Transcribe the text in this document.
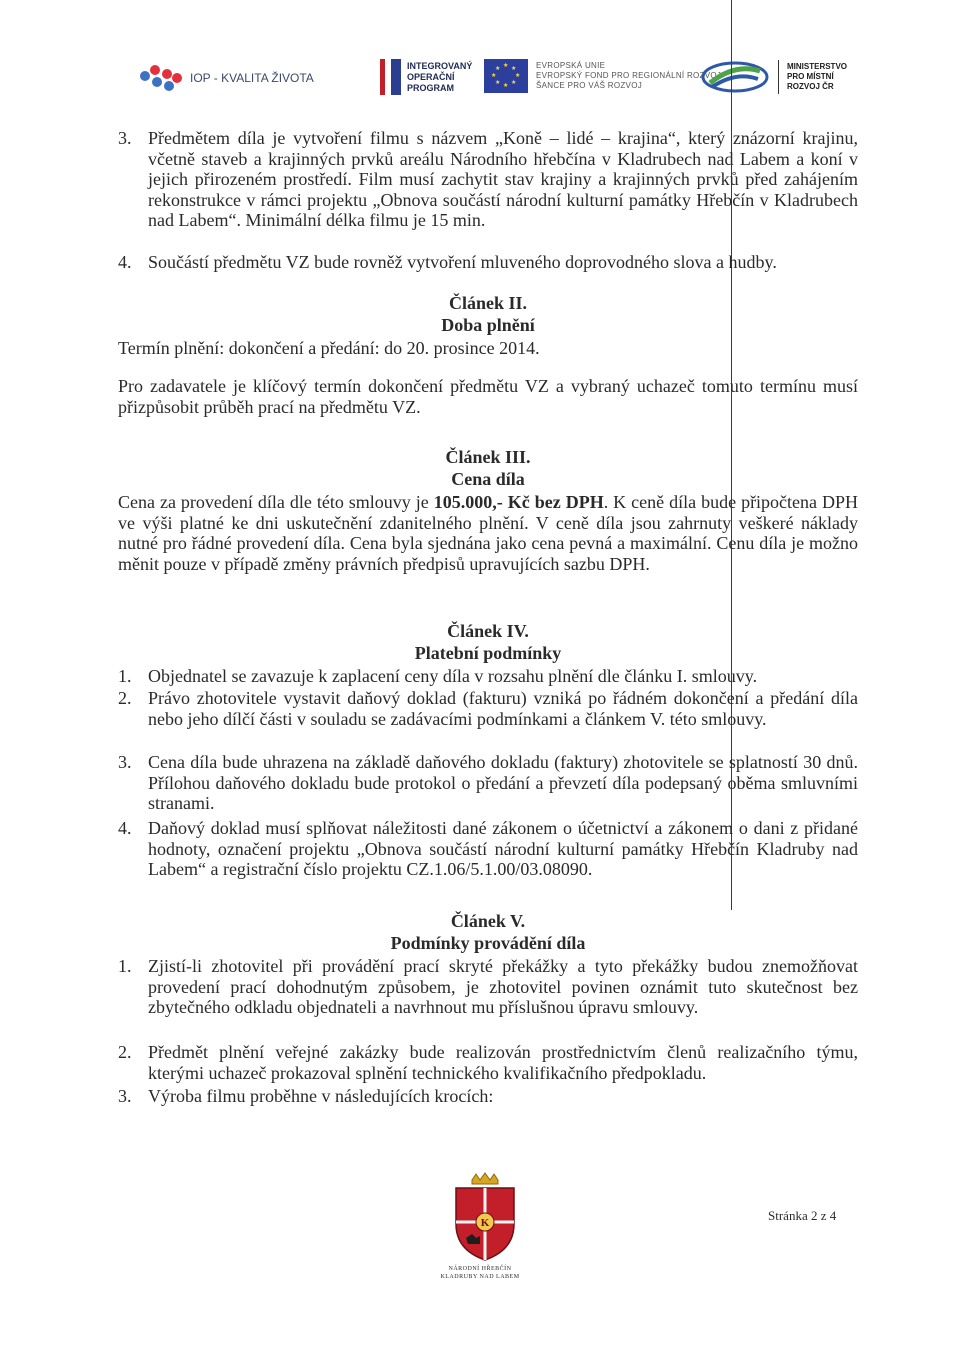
IOP - KVALITA ŽIVOTA
INTEGROVANÝ
OPERAČNÍ
PROGRAM
★ ★
★
★
★
★
★
★	EVROPSKÁ UNIE
EVROPSKÝ FOND PRO REGIONÁLNÍ ROZVOJ
ŠANCE PRO VÁŠ ROZVOJ
MINISTERSTVO
PRO MÍSTNÍ
ROZVOJ ČR
3. Předmětem díla je vytvoření filmu s názvem „Koně – lidé – krajina“, který znázorní krajinu, včetně staveb a krajinných prvků areálu Národního hřebčína v Kladrubech nad Labem a koní v jejich přirozeném prostředí. Film musí zachytit stav krajiny a krajinných prvků před zahájením rekonstrukce v rámci projektu „Obnova součástí národní kulturní památky Hřebčín v Kladrubech nad Labem“. Minimální délka filmu je 15 min.
4. Součástí předmětu VZ bude rovněž vytvoření mluveného doprovodného slova a hudby.
Článek II.
Doba plnění
Termín plnění: dokončení a předání: do 20. prosince 2014.
Pro zadavatele je klíčový termín dokončení předmětu VZ a vybraný uchazeč tomuto termínu musí přizpůsobit průběh prací na předmětu VZ.
Článek III.
Cena díla
Cena za provedení díla dle této smlouvy je 105.000,- Kč bez DPH. K ceně díla bude připočtena DPH ve výši platné ke dni uskutečnění zdanitelného plnění. V ceně díla jsou zahrnuty veškeré náklady nutné pro řádné provedení díla. Cena byla sjednána jako cena pevná a maximální. Cenu díla je možno měnit pouze v případě změny právních předpisů upravujících sazbu DPH.
Článek IV.
Platební podmínky
1. Objednatel se zavazuje k zaplacení ceny díla v rozsahu plnění dle článku I. smlouvy.
2. Právo zhotovitele vystavit daňový doklad (fakturu) vzniká po řádném dokončení a předání díla nebo jeho dílčí části v souladu se zadávacími podmínkami a článkem V. této smlouvy.
3. Cena díla bude uhrazena na základě daňového dokladu (faktury) zhotovitele se splatností 30 dnů. Přílohou daňového dokladu bude protokol o předání a převzetí díla podepsaný oběma smluvními stranami.
4. Daňový doklad musí splňovat náležitosti dané zákonem o účetnictví a zákonem o dani z přidané hodnoty, označení projektu „Obnova součástí národní kulturní památky Hřebčín Kladruby nad Labem“ a registrační číslo projektu CZ.1.06/5.1.00/03.08090.
Článek V.
Podmínky provádění díla
1. Zjistí-li zhotovitel při provádění prací skryté překážky a tyto překážky budou znemožňovat provedení prací dohodnutým způsobem, je zhotovitel povinen oznámit tuto skutečnost bez zbytečného odkladu objednateli a navrhnout mu příslušnou úpravu smlouvy.
2. Předmět plnění veřejné zakázky bude realizován prostřednictvím členů realizačního týmu, kterými uchazeč prokazoval splnění technického kvalifikačního předpokladu.
3. Výroba filmu proběhne v následujících krocích:
Stránka 2 z 4
K
NÁRODNÍ HŘEBČÍN
KLADRUBY NAD LABEM
